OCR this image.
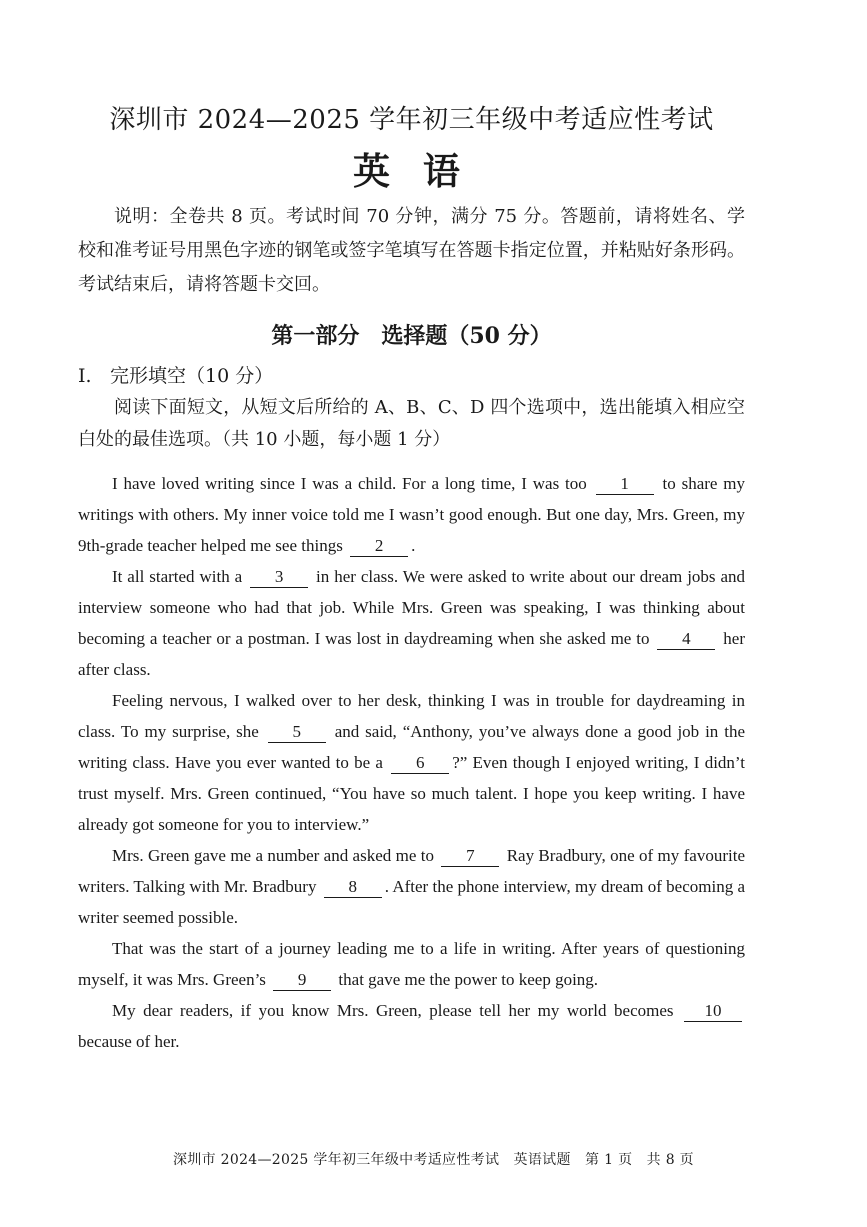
深圳市 2024—2025 学年初三年级中考适应性考试
英 语

说明：全卷共 8 页。考试时间 70 分钟，满分 75 分。答题前，请将姓名、学校和准考证号用黑色字迹的钢笔或签字笔填写在答题卡指定位置，并粘贴好条形码。考试结束后，请将答题卡交回。

第一部分　选择题（50 分）
I. 完形填空（10 分）

阅读下面短文，从短文后所给的 A、B、C、D 四个选项中，选出能填入相应空白处的最佳选项。（共 10 小题，每小题 1 分）

I have loved writing since I was a child. For a long time, I was too 1 to share my writings with others. My inner voice told me I wasn’t good enough. But one day, Mrs. Green, my 9th-grade teacher helped me see things 2 .

It all started with a 3 in her class. We were asked to write about our dream jobs and interview someone who had that job. While Mrs. Green was speaking, I was thinking about becoming a teacher or a postman. I was lost in daydreaming when she asked me to 4 her after class.

Feeling nervous, I walked over to her desk, thinking I was in trouble for daydreaming in class. To my surprise, she 5 and said, “Anthony, you’ve always done a good job in the writing class. Have you ever wanted to be a 6 ?” Even though I enjoyed writing, I didn’t trust myself. Mrs. Green continued, “You have so much talent. I hope you keep writing. I have already got someone for you to interview.”

Mrs. Green gave me a number and asked me to 7 Ray Bradbury, one of my favourite writers. Talking with Mr. Bradbury 8 . After the phone interview, my dream of becoming a writer seemed possible.

That was the start of a journey leading me to a life in writing. After years of questioning myself, it was Mrs. Green’s 9 that gave me the power to keep going.

My dear readers, if you know Mrs. Green, please tell her my world becomes 10 because of her.

深圳市 2024—2025 学年初三年级中考适应性考试　英语试题　第 1 页　共 8 页
